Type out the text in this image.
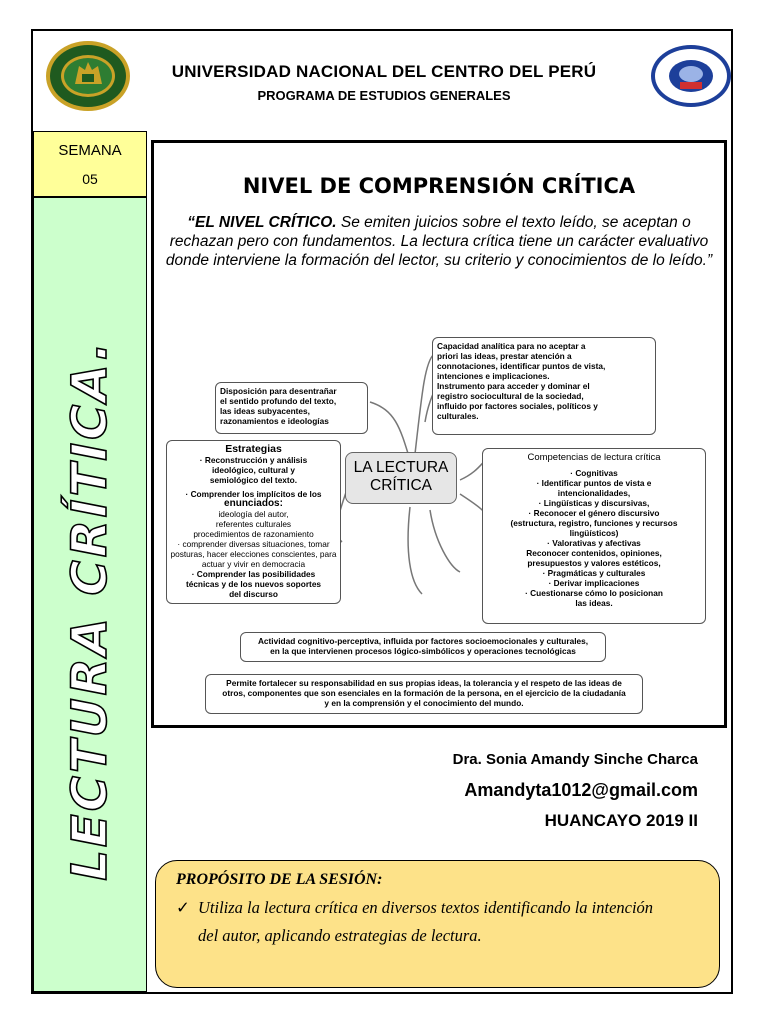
UNIVERSIDAD NACIONAL DEL CENTRO DEL PERÚ
PROGRAMA DE ESTUDIOS GENERALES
SEMANA
05
LECTURA CRÍTICA.
NIVEL DE COMPRENSIÓN CRÍTICA
“EL NIVEL CRÍTICO. Se emiten juicios sobre el texto leído, se aceptan o rechazan pero con fundamentos. La lectura crítica tiene un carácter evaluativo donde interviene la formación del lector, su criterio y conocimientos de lo leído.”
Disposición para desentrañar
el sentido profundo del texto,
las ideas subyacentes,
razonamientos e ideologías
Capacidad analítica para no aceptar a
priori las ideas, prestar atención a
connotaciones, identificar puntos de vista,
intenciones e implicaciones.
Instrumento para acceder y dominar el
registro sociocultural de la sociedad,
influido por factores sociales, políticos y
culturales.
LA LECTURA
CRÍTICA
Estrategias
· Reconstrucción y análisis
ideológico, cultural y
semiológico del texto.
· Comprender los implícitos de los
enunciados:
ideología del autor,
referentes culturales
procedimientos de razonamiento
· comprender diversas situaciones, tomar
posturas, hacer elecciones conscientes, para
actuar y vivir en democracia
· Comprender las posibilidades
técnicas y de los nuevos soportes
del discurso
Competencias de lectura crítica
· Cognitivas
· Identificar puntos de vista e
intencionalidades,
· Lingüísticas y discursivas,
· Reconocer el género discursivo
(estructura, registro, funciones y recursos
lingüísticos)
· Valorativas y afectivas
Reconocer contenidos, opiniones,
presupuestos y valores estéticos,
· Pragmáticas y culturales
· Derivar implicaciones
· Cuestionarse cómo lo posicionan
las ideas.
Actividad cognitivo-perceptiva, influida por factores socioemocionales y culturales,
en la que intervienen procesos lógico-simbólicos y operaciones tecnológicas
Permite fortalecer su responsabilidad en sus propias ideas, la tolerancia y el respeto de las ideas de
otros, componentes que son esenciales en la formación de la persona, en el ejercicio de la ciudadanía
y en la comprensión y el conocimiento del mundo.
Dra. Sonia Amandy Sinche Charca
Amandyta1012@gmail.com
HUANCAYO 2019 II
PROPÓSITO DE LA SESIÓN:
✓ Utiliza la lectura crítica en diversos textos identificando la intención
del autor, aplicando estrategias de lectura.
